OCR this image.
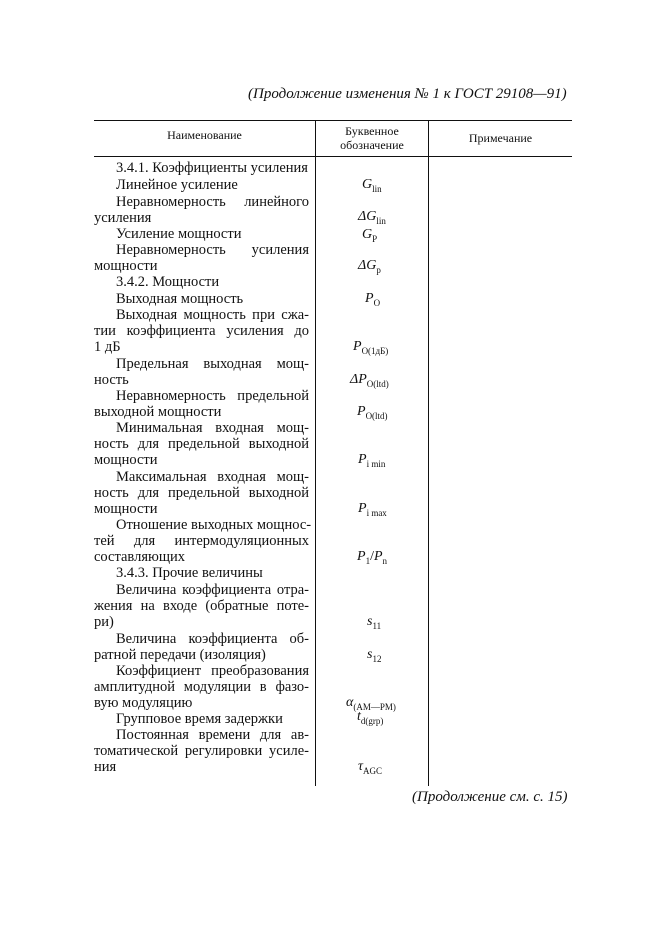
(Продолжение изменения № 1 к ГОСТ 29108—91)
Наименование	Буквенное
обозначение	Примечание
3.4.1. Коэффициенты усиления
Линейное усиление
Неравномерность линейного
усиления
Усиление мощности
Неравномерность усиления
мощности
3.4.2. Мощности
Выходная мощность
Выходная мощность при сжа-
тии коэффициента усиления до
1 дБ
Предельная выходная мощ-
ность
Неравномерность предельной
выходной мощности
Минимальная входная мощ-
ность для предельной выходной
мощности
Максимальная входная мощ-
ность для предельной выходной
мощности
Отношение выходных мощнос-
тей для интермодуляционных
составляющих
3.4.3. Прочие величины
Величина коэффициента отра-
жения на входе (обратные поте-
ри)
Величина коэффициента об-
ратной передачи (изоляция)
Коэффициент преобразования
амплитудной модуляции в фазо-
вую модуляцию
Групповое время задержки
Постоянная времени для ав-
томатической регулировки усиле-
ния
$G_{lin}$
$\Delta G_{lin}$
$G_P$
$\Delta G_p$
$P_O$
$P_{O(1дБ)}$
$\Delta P_{O(ltd)}$
$P_{O(ltd)}$
$P_{i min}$
$P_{i max}$
$P_1/P_n$
$s_{11}$
$s_{12}$
$\alpha_{(AM—PM)}$
$t_{d(grp)}$
$\tau_{AGC}$
(Продолжение см. с. 15)
